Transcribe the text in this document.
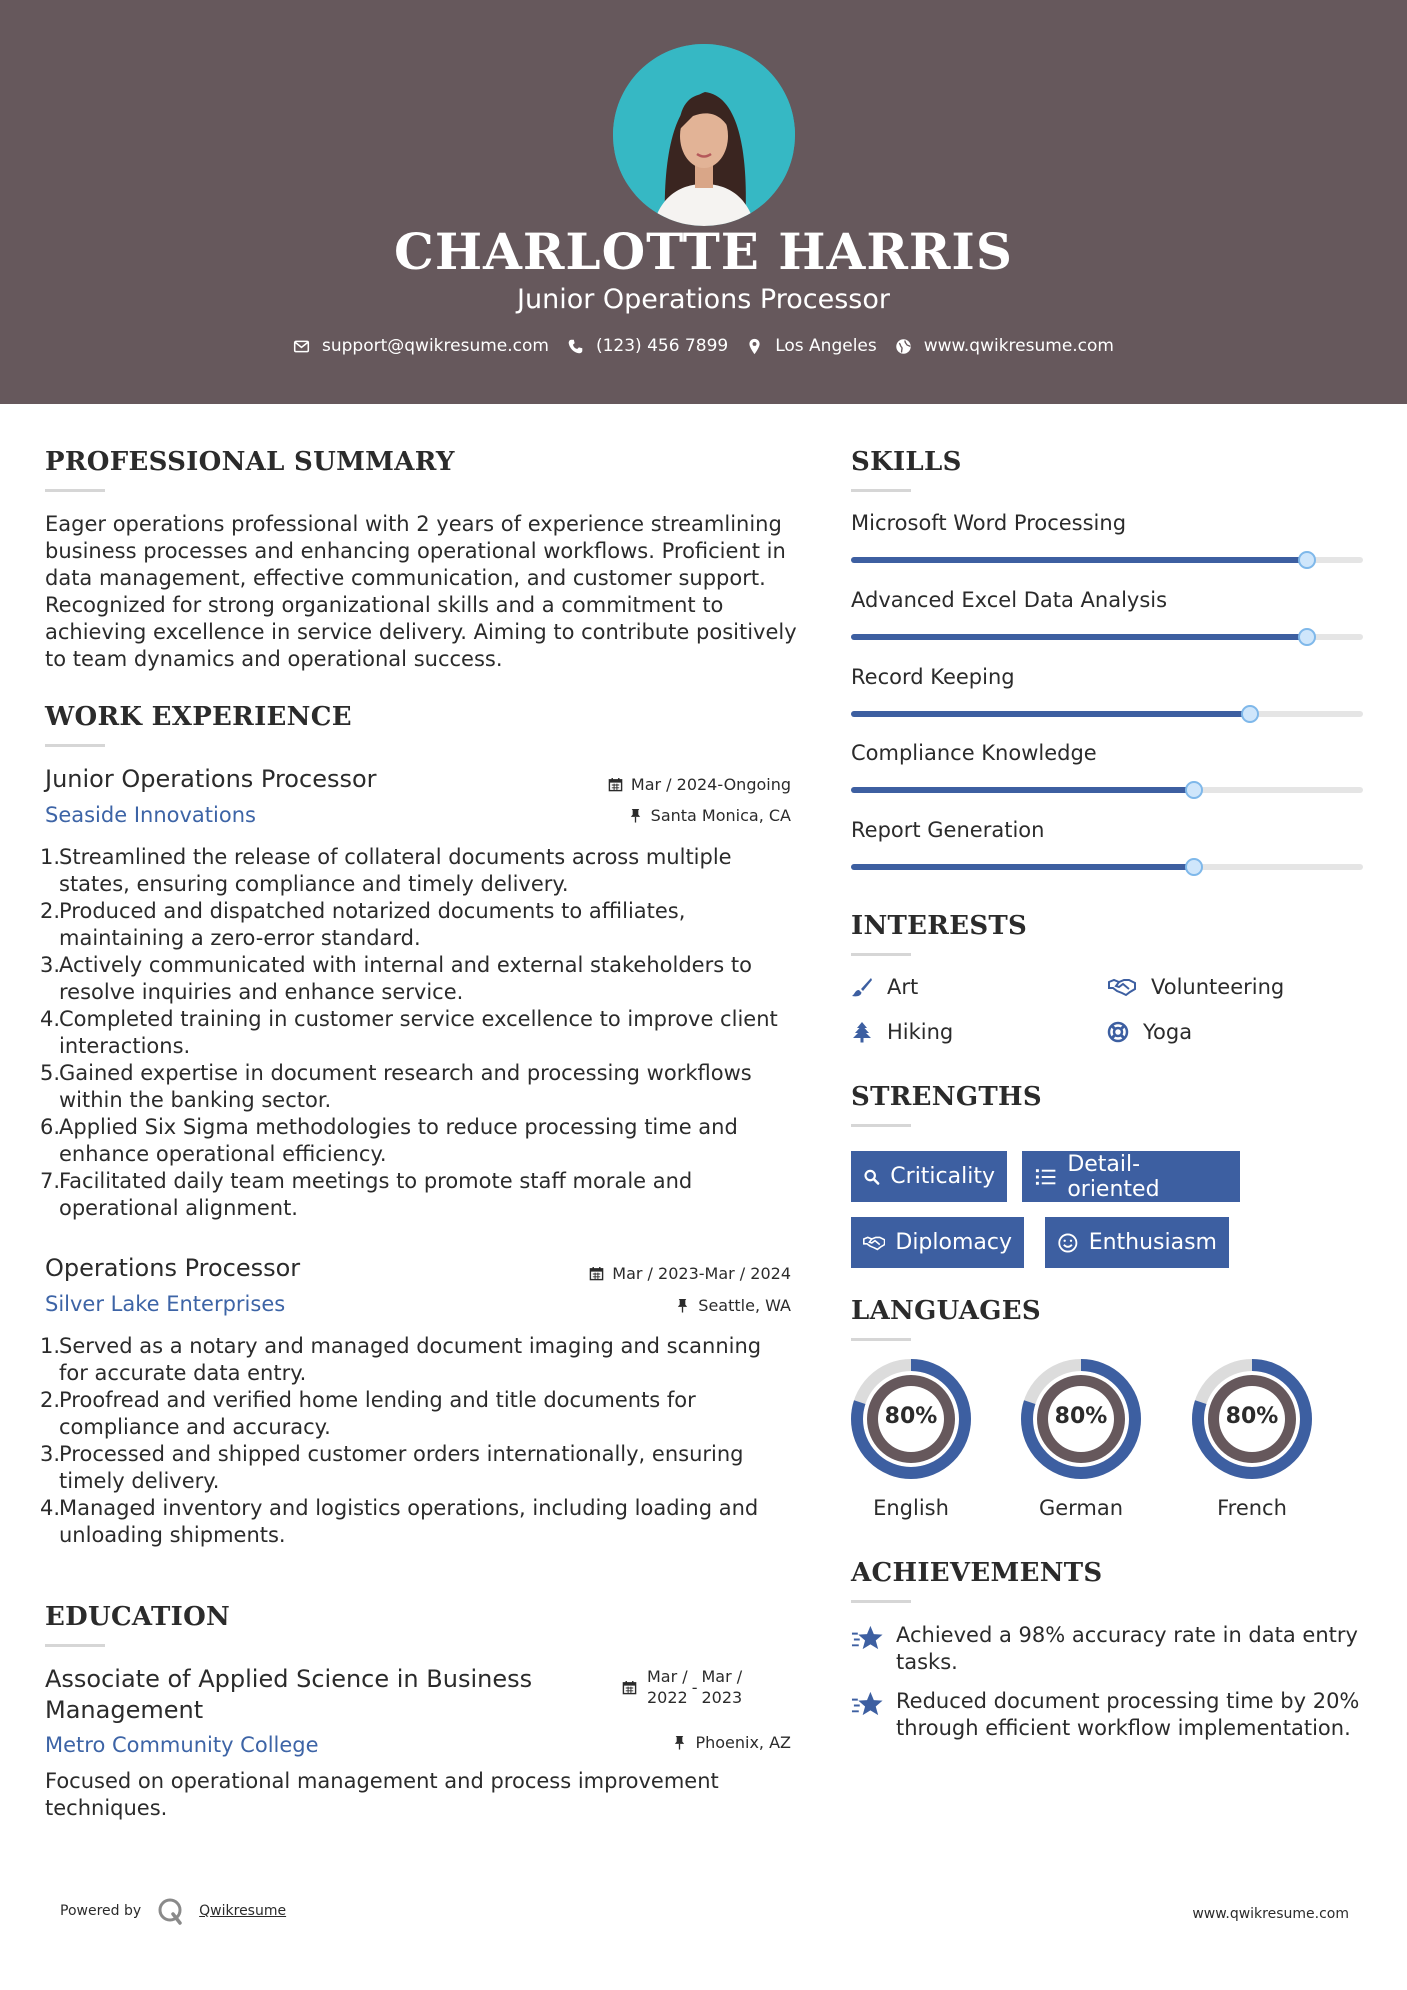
CHARLOTTE HARRIS
Junior Operations Processor
support@qwikresume.com	(123) 456 7899	Los Angeles	www.qwikresume.com
PROFESSIONAL SUMMARY
Eager operations professional with 2 years of experience streamlining
business processes and enhancing operational workflows. Proficient in
data management, effective communication, and customer support.
Recognized for strong organizational skills and a commitment to
achieving excellence in service delivery. Aiming to contribute positively
to team dynamics and operational success.
WORK EXPERIENCE
Junior Operations Processor
Seaside Innovations
Mar / 2024-Ongoing
Santa Monica, CA
1.
Streamlined the release of collateral documents across multiple
states, ensuring compliance and timely delivery.
2.
Produced and dispatched notarized documents to affiliates,
maintaining a zero-error standard.
3.
Actively communicated with internal and external stakeholders to
resolve inquiries and enhance service.
4.
Completed training in customer service excellence to improve client
interactions.
5.
Gained expertise in document research and processing workflows
within the banking sector.
6.
Applied Six Sigma methodologies to reduce processing time and
enhance operational efficiency.
7.
Facilitated daily team meetings to promote staff morale and
operational alignment.
Operations Processor
Silver Lake Enterprises
Mar / 2023-Mar / 2024
Seattle, WA
1.
Served as a notary and managed document imaging and scanning
for accurate data entry.
2.
Proofread and verified home lending and title documents for
compliance and accuracy.
3.
Processed and shipped customer orders internationally, ensuring
timely delivery.
4.
Managed inventory and logistics operations, including loading and
unloading shipments.
EDUCATION
Associate of Applied Science in Business
Management
Metro Community College
Mar /
2022
-
Mar /
2023
Phoenix, AZ
Focused on operational management and process improvement
techniques.
SKILLS
Microsoft Word Processing
Advanced Excel Data Analysis
Record Keeping
Compliance Knowledge
Report Generation
INTERESTS
Art	Volunteering
Hiking	Yoga
STRENGTHS
Criticality	Detail-oriented
Diplomacy	Enthusiasm
LANGUAGES
80%
English
80%
German
80%
French
ACHIEVEMENTS
Achieved a 98% accuracy rate in data entry
tasks.
Reduced document processing time by 20%
through efficient workflow implementation.
Powered by	Qwikresume	www.qwikresume.com
